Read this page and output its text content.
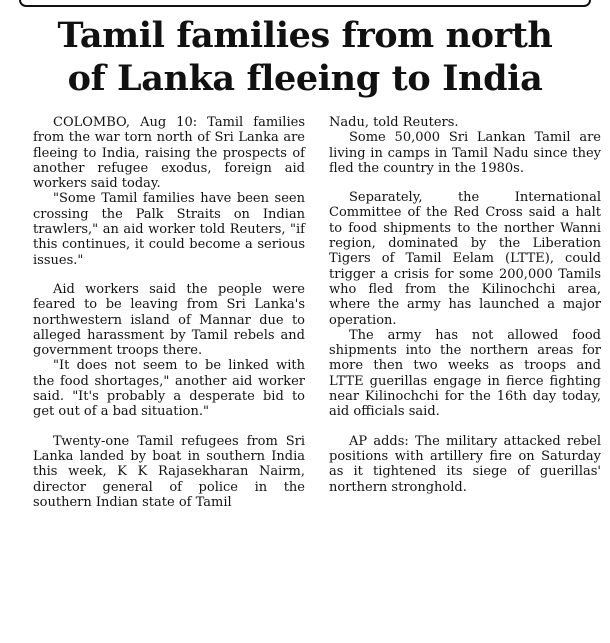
Tamil families from north
of Lanka fleeing to India

COLOMBO, Aug 10: Tamil families from the war torn north of Sri Lanka are fleeing to India, raising the prospects of another refugee exodus, foreign aid workers said today.

"Some Tamil families have been seen crossing the Palk Straits on Indian trawlers," an aid worker told Reuters, "if this continues, it could become a serious issues."

Aid workers said the people were feared to be leaving from Sri Lanka's northwestern island of Mannar due to alleged harassment by Tamil rebels and government troops there.

"It does not seem to be linked with the food shortages," another aid worker said. "It's probably a desperate bid to get out of a bad situation."

Twenty-one Tamil refugees from Sri Lanka landed by boat in southern India this week, K K Rajasekharan Nairm, director general of police in the southern Indian state of Tamil

Nadu, told Reuters.

Some 50,000 Sri Lankan Tamil are living in camps in Tamil Nadu since they fled the country in the 1980s.

Separately, the International Committee of the Red Cross said a halt to food shipments to the norther Wanni region, dominated by the Liberation Tigers of Tamil Eelam (LTTE), could trigger a crisis for some 200,000 Tamils who fled from the Kilinochchi area, where the army has launched a major operation.

The army has not allowed food shipments into the northern areas for more then two weeks as troops and LTTE guerillas engage in fierce fighting near Kilinochchi for the 16th day today, aid officials said.

AP adds: The military attacked rebel positions with artillery fire on Saturday as it tightened its siege of guerillas' northern stronghold.
